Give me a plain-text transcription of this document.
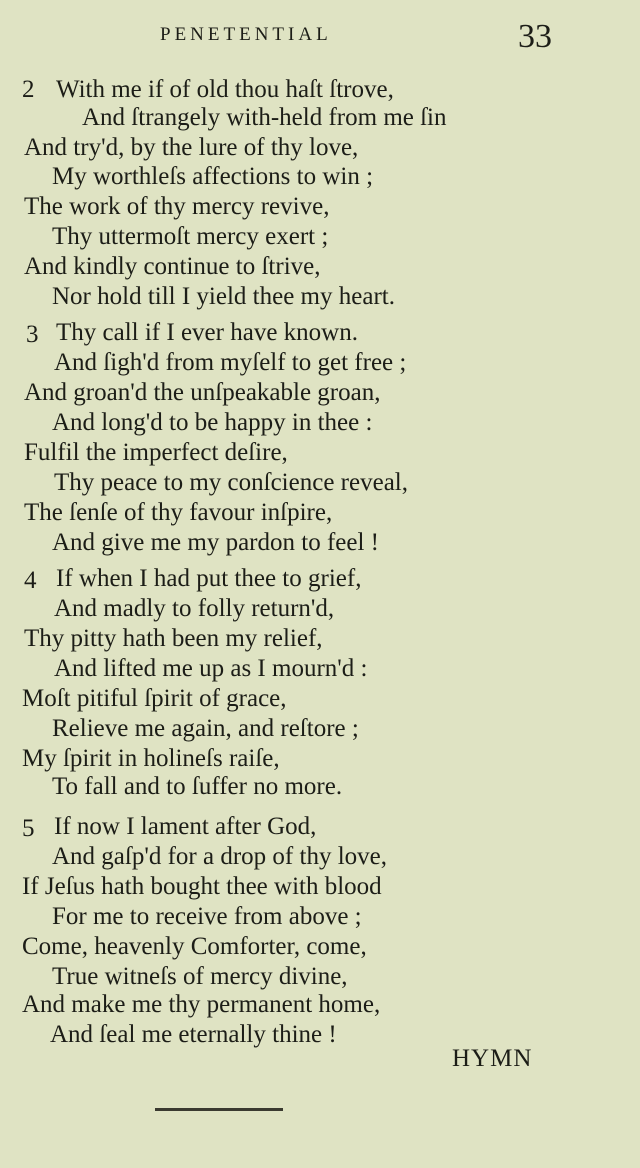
PENETENTIAL	33
2 With me if of old thou haſt ſtrove,
And ſtrangely with-held from me ſin
And try'd, by the lure of thy love,
My worthleſs affections to win ;
The work of thy mercy revive,
Thy uttermoſt mercy exert ;
And kindly continue to ſtrive,
Nor hold till I yield thee my heart.
3 Thy call if I ever have known.
And ſigh'd from myſelf to get free ;
And groan'd the unſpeakable groan,
And long'd to be happy in thee :
Fulfil the imperfect deſire,
Thy peace to my conſcience reveal,
The ſenſe of thy favour inſpire,
And give me my pardon to feel !
4 If when I had put thee to grief,
And madly to folly return'd,
Thy pitty hath been my relief,
And lifted me up as I mourn'd :
Moſt pitiful ſpirit of grace,
Relieve me again, and reſtore ;
My ſpirit in holineſs raiſe,
To fall and to ſuffer no more.
5 If now I lament after God,
And gaſp'd for a drop of thy love,
If Jeſus hath bought thee with blood
For me to receive from above ;
Come, heavenly Comforter, come,
True witneſs of mercy divine,
And make me thy permanent home,
And ſeal me eternally thine !
HYMN
